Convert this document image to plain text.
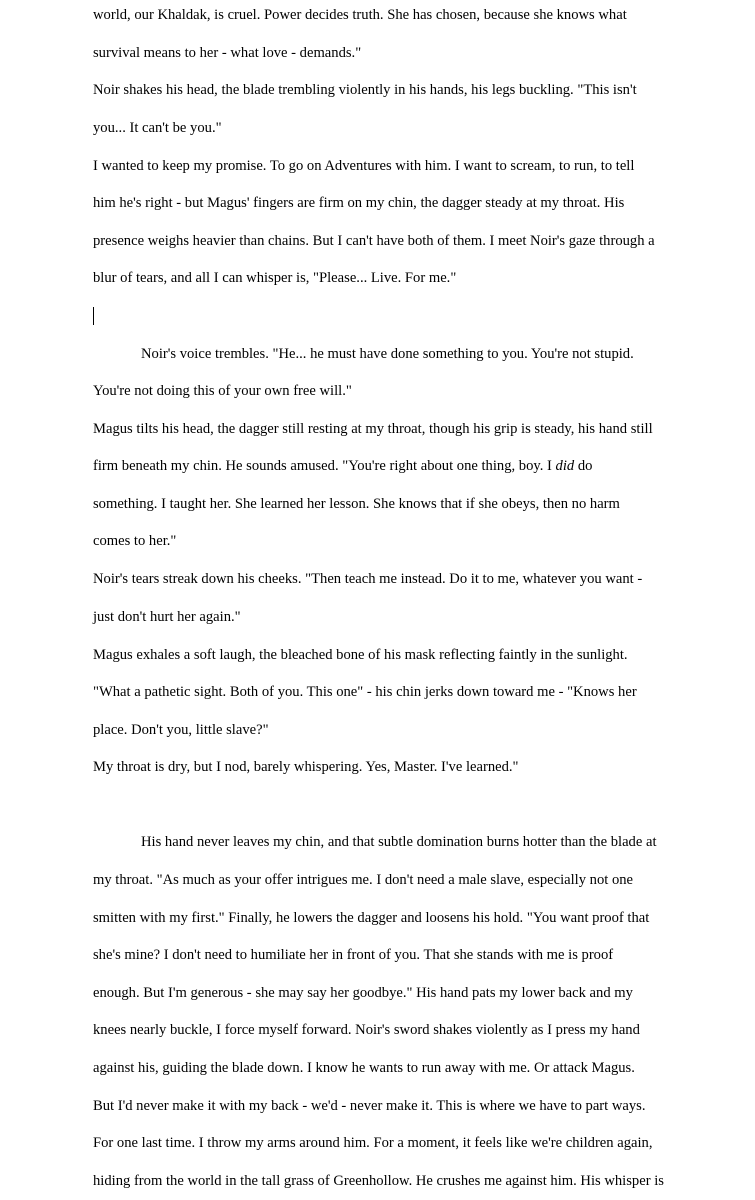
world, our Khaldak, is cruel. Power decides truth. She has chosen, because she knows what
survival means to her - what love - demands."
Noir shakes his head, the blade trembling violently in his hands, his legs buckling. "This isn't
you... It can't be you."
I wanted to keep my promise. To go on Adventures with him. I want to scream, to run, to tell
him he's right - but Magus' fingers are firm on my chin, the dagger steady at my throat. His
presence weighs heavier than chains. But I can't have both of them. I meet Noir's gaze through a
blur of tears, and all I can whisper is, "Please... Live. For me."
Noir's voice trembles. "He... he must have done something to you. You're not stupid.
You're not doing this of your own free will."
Magus tilts his head, the dagger still resting at my throat, though his grip is steady, his hand still
firm beneath my chin. He sounds amused. "You're right about one thing, boy. I did do
something. I taught her. She learned her lesson. She knows that if she obeys, then no harm
comes to her."
Noir's tears streak down his cheeks. "Then teach me instead. Do it to me, whatever you want -
just don't hurt her again."
Magus exhales a soft laugh, the bleached bone of his mask reflecting faintly in the sunlight.
"What a pathetic sight. Both of you. This one" - his chin jerks down toward me - "Knows her
place. Don't you, little slave?"
My throat is dry, but I nod, barely whispering. Yes, Master. I've learned."
His hand never leaves my chin, and that subtle domination burns hotter than the blade at
my throat. "As much as your offer intrigues me. I don't need a male slave, especially not one
smitten with my first." Finally, he lowers the dagger and loosens his hold. "You want proof that
she's mine? I don't need to humiliate her in front of you. That she stands with me is proof
enough. But I'm generous - she may say her goodbye." His hand pats my lower back and my
knees nearly buckle, I force myself forward. Noir's sword shakes violently as I press my hand
against his, guiding the blade down. I know he wants to run away with me. Or attack Magus.
But I'd never make it with my back - we'd - never make it. This is where we have to part ways.
For one last time. I throw my arms around him. For a moment, it feels like we're children again,
hiding from the world in the tall grass of Greenhollow. He crushes me against him. His whisper is
